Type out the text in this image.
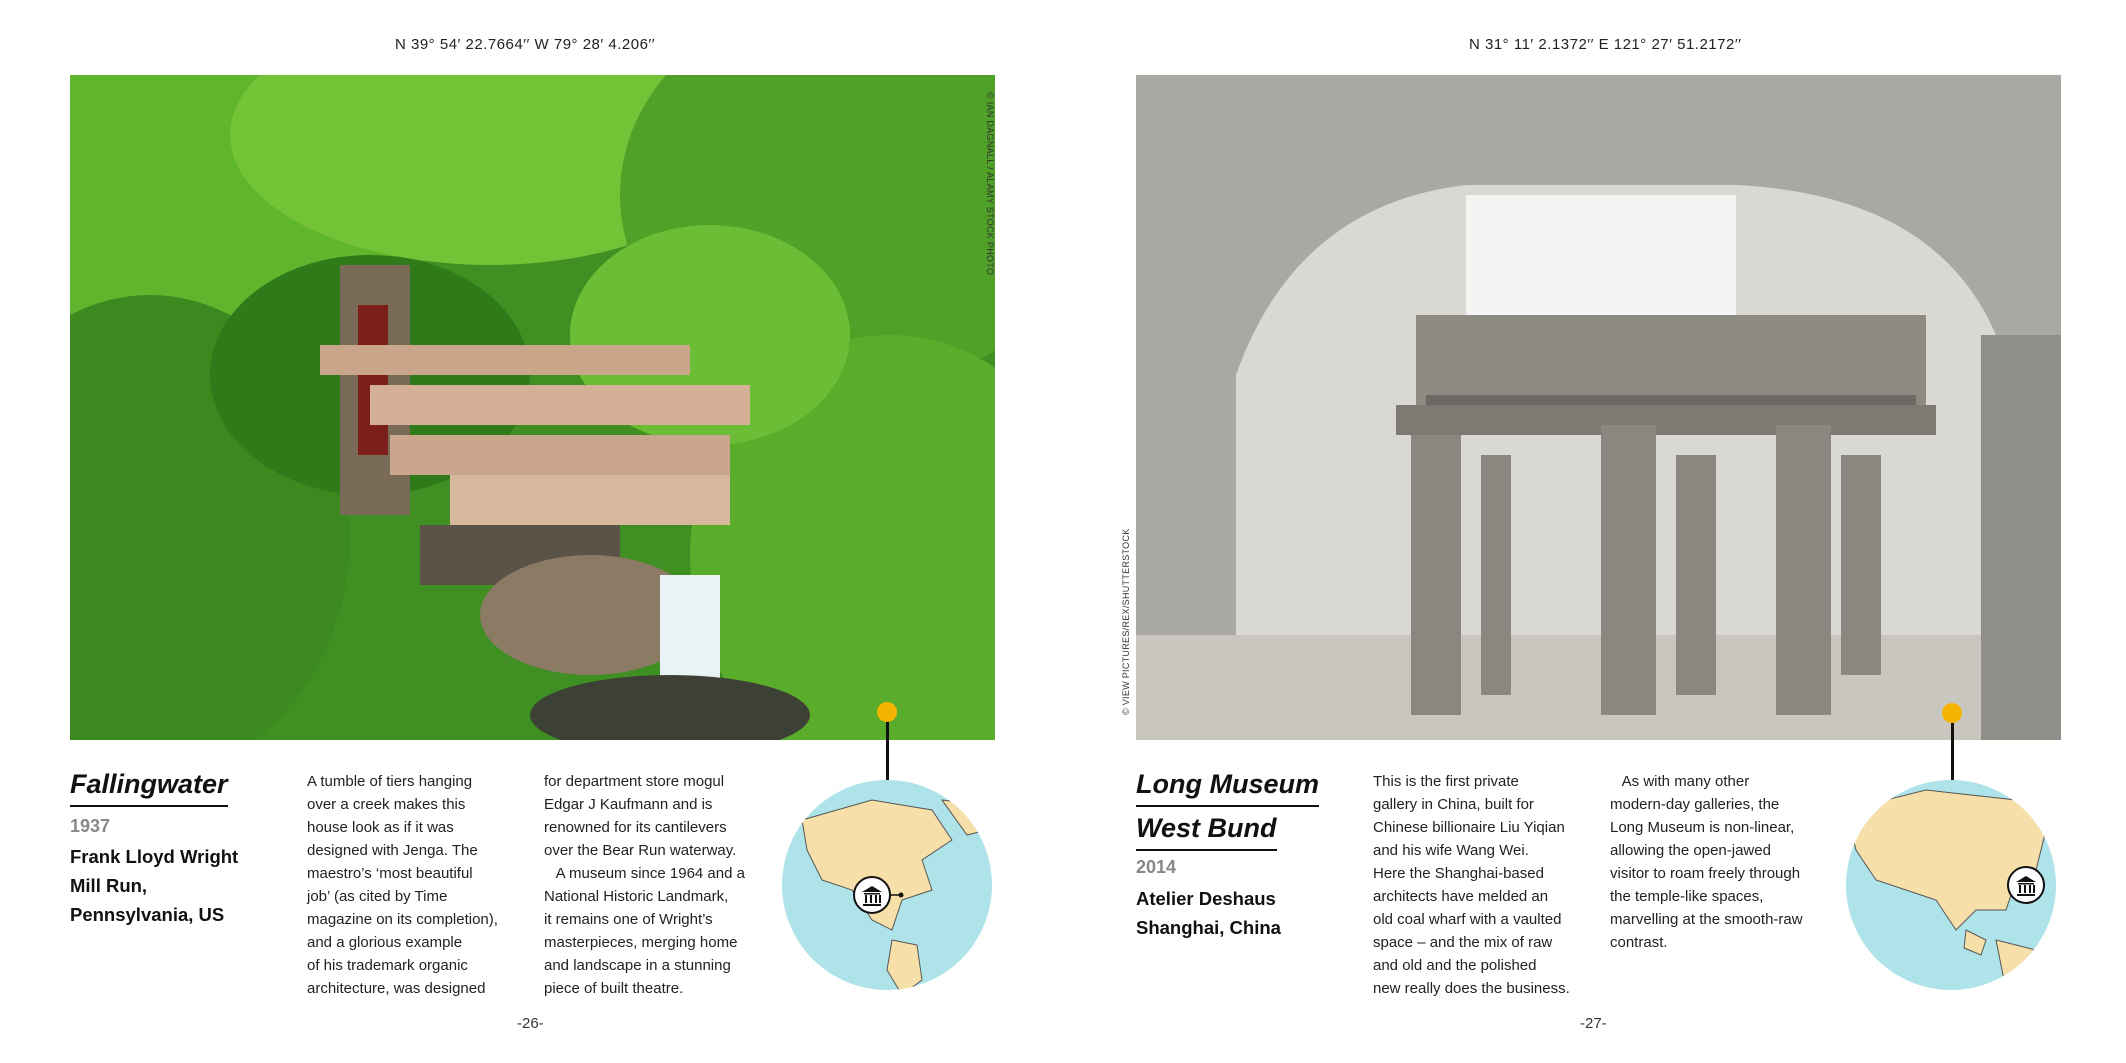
N 39° 54′ 22.7664′′ W 79° 28′ 4.206′′
© IAN DAGNALL / ALAMY STOCK PHOTO
Fallingwater
1937
Frank Lloyd Wright
Mill Run,
Pennsylvania, US

A tumble of tiers hanging

over a creek makes this

house look as if it was

designed with Jenga. The

maestro’s ‘most beautiful

job’ (as cited by Time

magazine on its completion),

and a glorious example

of his trademark organic

architecture, was designed

for department store mogul

Edgar J Kaufmann and is

renowned for its cantilevers

over the Bear Run waterway.

A museum since 1964 and a

National Historic Landmark,

it remains one of Wright’s

masterpieces, merging home

and landscape in a stunning

piece of built theatre.

-26-
N 31° 11′ 2.1372′′ E 121° 27′ 51.2172′′
© VIEW PICTURES/REX/SHUTTERSTOCK
Long Museum
West Bund
2014
Atelier Deshaus
Shanghai, China

This is the first private

gallery in China, built for

Chinese billionaire Liu Yiqian

and his wife Wang Wei.

Here the Shanghai-based

architects have melded an

old coal wharf with a vaulted

space – and the mix of raw

and old and the polished

new really does the business.

As with many other

modern-day galleries, the

Long Museum is non-linear,

allowing the open-jawed

visitor to roam freely through

the temple-like spaces,

marvelling at the smooth-raw

contrast.

-27-
